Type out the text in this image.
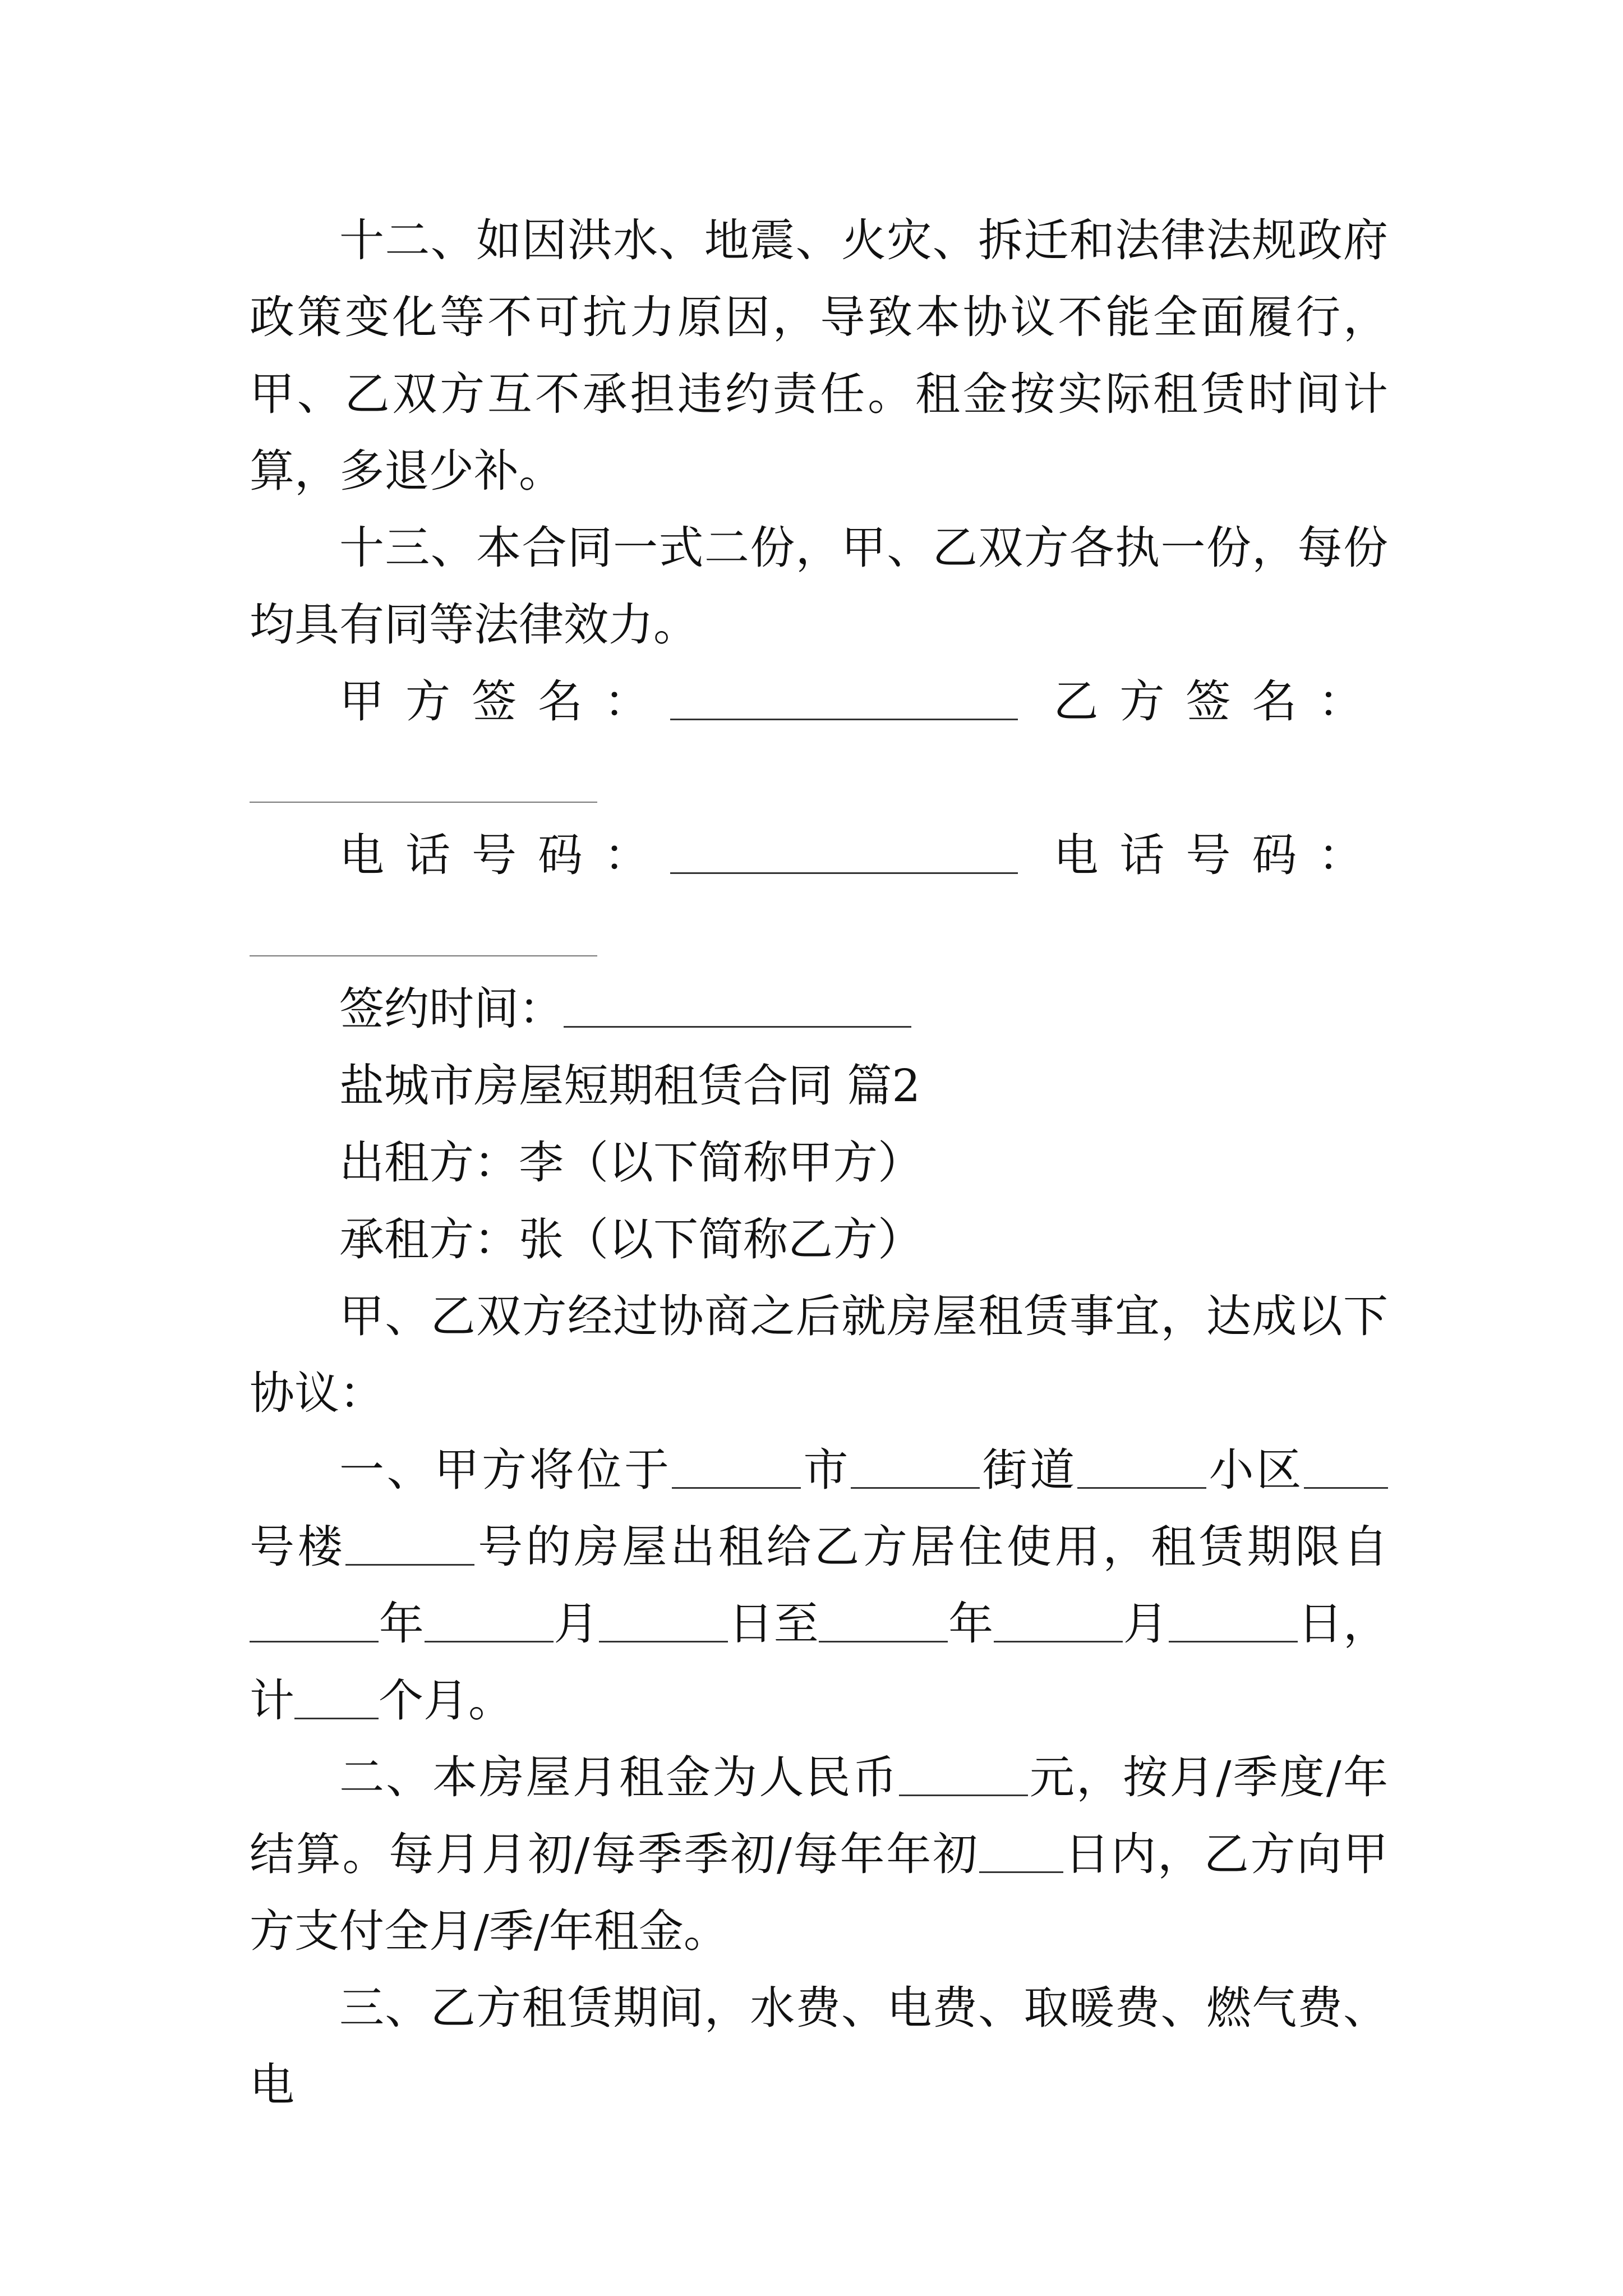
十二、如因洪水、地震、火灾、拆迁和法律法规政府政策变化等不可抗力原因，导致本协议不能全面履行，甲、乙双方互不承担违约责任。租金按实际租赁时间计算，多退少补。

十三、本合同一式二份，甲、乙双方各执一份，每份均具有同等法律效力。

甲方签名：	乙方签名：

电话号码：	电话号码：

签约时间：

盐城市房屋短期租赁合同 篇2

出租方：李（以下简称甲方）

承租方：张（以下简称乙方）

甲、乙双方经过协商之后就房屋租赁事宜，达成以下协议：

一、甲方将位于	市	街道	小区号楼	号的房屋出租给乙方居住使用，租赁期限自年	月	日至	年	月	日，计 个月。

二、本房屋月租金为人民币	元，按月/季度/年结算。每月月初/每季季初/每年年初 日内，乙方向甲方支付全月/季/年租金。

三、乙方租赁期间，水费、电费、取暖费、燃气费、电
